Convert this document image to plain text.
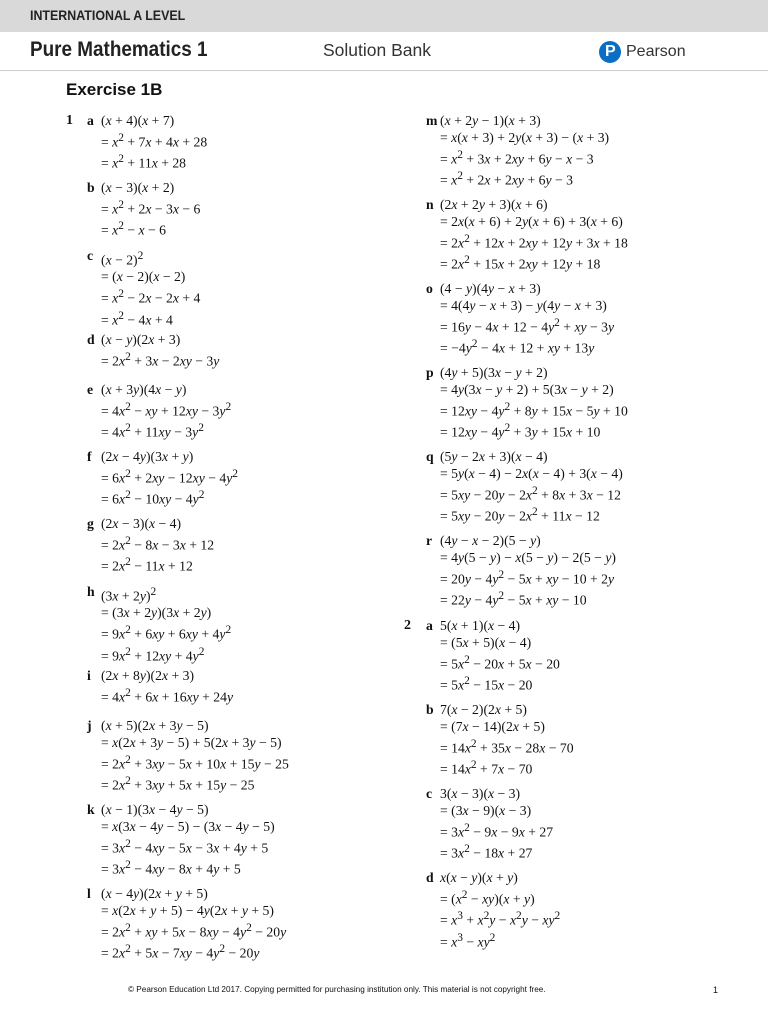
INTERNATIONAL A LEVEL
Pure Mathematics 1	Solution Bank	P Pearson
Exercise 1B
1
2
a (x + 4)(x + 7)
= $x^2 + 7x + 4x + 28$
= $x^2 + 11x + 28$
b (x − 3)(x + 2)
= $x^2 + 2x - 3x - 6$
= $x^2 - x - 6$
c $(x - 2)^2$
= (x − 2)(x − 2)
= $x^2 - 2x - 2x + 4$
= $x^2 - 4x + 4$
d (x − y)(2x + 3)
= $2x^2 + 3x - 2xy - 3y$
e (x + 3y)(4x − y)
= $4x^2$ − xy + $12xy - 3y^2$
= $4x^2 + 11xy - 3y^2$
f (2x − 4y)(3x + y)
= $6x^2 + 2xy - 12xy - 4y^2$
= $6x^2 - 10xy - 4y^2$
g (2x − 3)(x − 4)
= $2x^2 - 8x - 3x + 12$
= $2x^2 - 11x + 12$
h $(3x + 2y)^2$
= (3x + 2y)(3x + 2y)
= $9x^2 + 6xy + 6xy + 4y^2$
= $9x^2 + 12xy + 4y^2$
i (2x + 8y)(2x + 3)
= $4x^2 + 6x + 16xy + 24y$
j (x + 5)(2x + 3y − 5)
= x(2x + 3y − 5) + 5(2x + 3y − 5)
= $2x^2 + 3xy - 5x + 10x + 15y - 25$
= $2x^2 + 3xy + 5x + 15y - 25$
k (x − 1)(3x − 4y − 5)
= x(3x − 4y − 5) − (3x − 4y − 5)
= $3x^2 - 4xy - 5x - 3x + 4y + 5$
= $3x^2 - 4xy - 8x + 4y + 5$
l (x − 4y)(2x + y + 5)
= x(2x + y + 5) − 4y(2x + y + 5)
= $2x^2$ + xy + $5x - 8xy - 4y^2 - 20y$
= $2x^2 + 5x - 7xy - 4y^2 - 20y$
m (x + 2y − 1)(x + 3)
= x(x + 3) + 2y(x + 3) − (x + 3)
= $x^2 + 3x + 2xy + 6y - x - 3$
= $x^2 + 2x + 2xy + 6y - 3$
n (2x + 2y + 3)(x + 6)
= 2x(x + 6) + 2y(x + 6) + 3(x + 6)
= $2x^2 + 12x + 2xy + 12y + 3x + 18$
= $2x^2 + 15x + 2xy + 12y + 18$
o (4 − y)(4y − x + 3)
= 4(4y − x + 3) − y(4y − x + 3)
= $16y - 4x + 12 - 4y^2$ + xy − 3y
= $-4y^2 - 4x + 12$ + xy + 13y
p (4y + 5)(3x − y + 2)
= 4y(3x − y + 2) + 5(3x − y + 2)
= $12xy - 4y^2 + 8y + 15x - 5y + 10$
= $12xy - 4y^2 + 3y + 15x + 10$
q (5y − 2x + 3)(x − 4)
= 5y(x − 4) − 2x(x − 4) + 3(x − 4)
= $5xy - 20y - 2x^2 + 8x + 3x - 12$
= $5xy - 20y - 2x^2 + 11x - 12$
r (4y − x − 2)(5 − y)
= 4y(5 − y) − x(5 − y) − 2(5 − y)
= $20y - 4y^2 - 5x$ + xy − 10 + 2y
= $22y - 4y^2 - 5x$ + xy − 10
a 5(x + 1)(x − 4)
= (5x + 5)(x − 4)
= $5x^2 - 20x + 5x - 20$
= $5x^2 - 15x - 20$
b 7(x − 2)(2x + 5)
= (7x − 14)(2x + 5)
= $14x^2 + 35x - 28x - 70$
= $14x^2 + 7x - 70$
c 3(x − 3)(x − 3)
= (3x − 9)(x − 3)
= $3x^2 - 9x - 9x + 27$
= $3x^2 - 18x + 27$
d x(x − y)(x + y)
= $(x^2 - xy)(x + y)$
= $x^3 + x^2y - x^2y - xy^2$
= $x^3 - xy^2$
© Pearson Education Ltd 2017. Copying permitted for purchasing institution only. This material is not copyright free.	1
